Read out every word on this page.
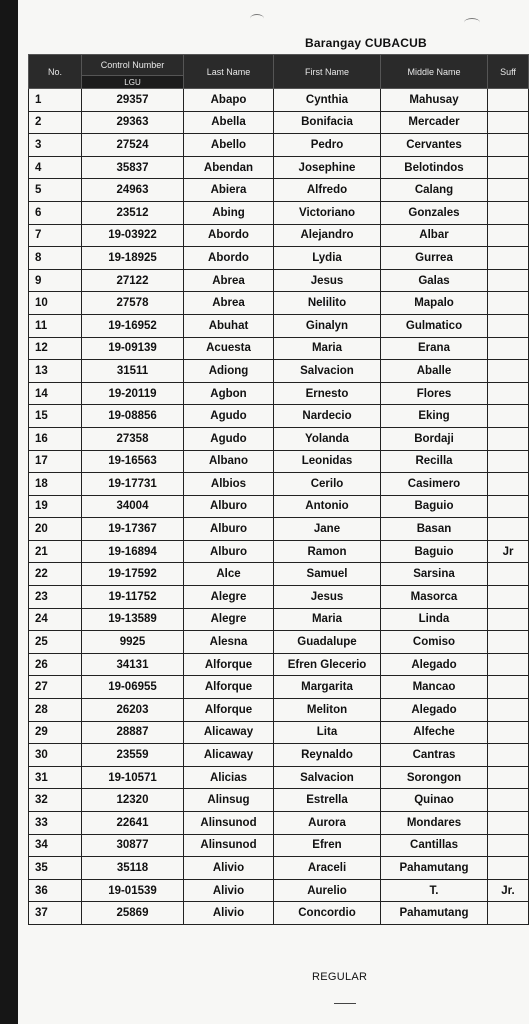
Barangay CUBACUB
No.	Control Number	Last Name	First Name	Middle Name	Suff
	LGU				
1	29357	Abapo	Cynthia	Mahusay	
2	29363	Abella	Bonifacia	Mercader	
3	27524	Abello	Pedro	Cervantes	
4	35837	Abendan	Josephine	Belotindos	
5	24963	Abiera	Alfredo	Calang	
6	23512	Abing	Victoriano	Gonzales	
7	19-03922	Abordo	Alejandro	Albar	
8	19-18925	Abordo	Lydia	Gurrea	
9	27122	Abrea	Jesus	Galas	
10	27578	Abrea	Nelilito	Mapalo	
11	19-16952	Abuhat	Ginalyn	Gulmatico	
12	19-09139	Acuesta	Maria	Erana	
13	31511	Adiong	Salvacion	Aballe	
14	19-20119	Agbon	Ernesto	Flores	
15	19-08856	Agudo	Nardecio	Eking	
16	27358	Agudo	Yolanda	Bordaji	
17	19-16563	Albano	Leonidas	Recilla	
18	19-17731	Albios	Cerilo	Casimero	
19	34004	Alburo	Antonio	Baguio	
20	19-17367	Alburo	Jane	Basan	
21	19-16894	Alburo	Ramon	Baguio	Jr
22	19-17592	Alce	Samuel	Sarsina	
23	19-11752	Alegre	Jesus	Masorca	
24	19-13589	Alegre	Maria	Linda	
25	9925	Alesna	Guadalupe	Comiso	
26	34131	Alforque	Efren Glecerio	Alegado	
27	19-06955	Alforque	Margarita	Mancao	
28	26203	Alforque	Meliton	Alegado	
29	28887	Alicaway	Lita	Alfeche	
30	23559	Alicaway	Reynaldo	Cantras	
31	19-10571	Alicias	Salvacion	Sorongon	
32	12320	Alinsug	Estrella	Quinao	
33	22641	Alinsunod	Aurora	Mondares	
34	30877	Alinsunod	Efren	Cantillas	
35	35118	Alivio	Araceli	Pahamutang	
36	19-01539	Alivio	Aurelio	T.	Jr.
37	25869	Alivio	Concordio	Pahamutang	
REGULAR
